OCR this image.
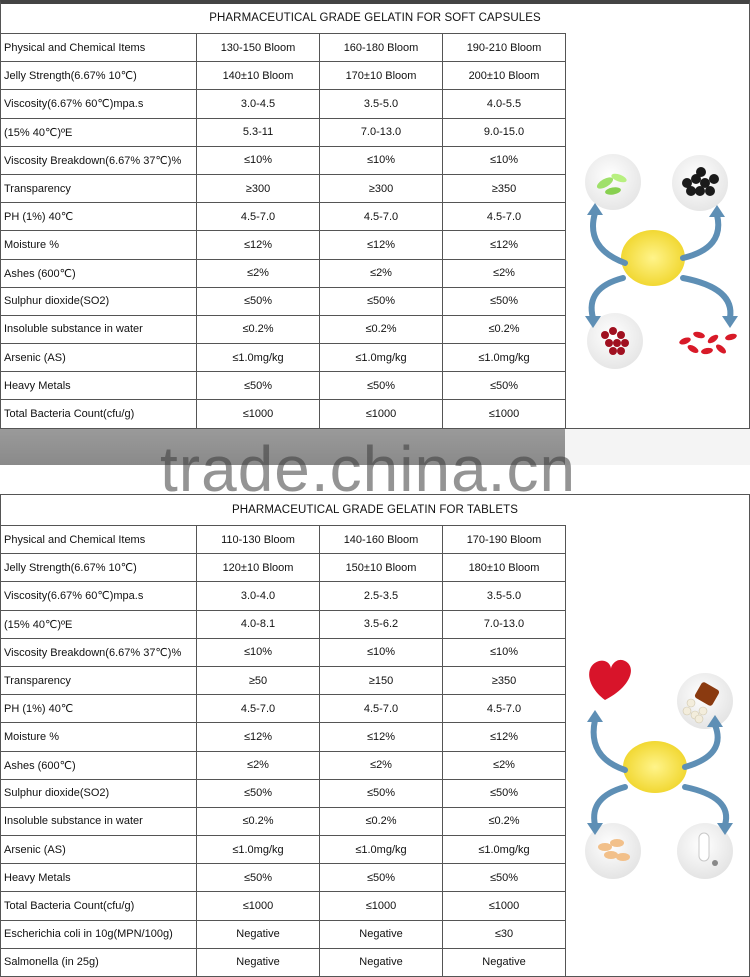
PHARMACEUTICAL GRADE GELATIN FOR SOFT CAPSULES
Physical and Chemical Items	130-150 Bloom	160-180 Bloom	190-210 Bloom
Jelly Strength(6.67% 10℃)	140±10 Bloom	170±10 Bloom	200±10 Bloom
Viscosity(6.67% 60℃)mpa.s	3.0-4.5	3.5-5.0	4.0-5.5
(15% 40℃)ºE	5.3-11	7.0-13.0	9.0-15.0
Viscosity Breakdown(6.67% 37℃)%	≤10%	≤10%	≤10%
Transparency	≥300	≥300	≥350
PH (1%) 40℃	4.5-7.0	4.5-7.0	4.5-7.0
Moisture %	≤12%	≤12%	≤12%
Ashes (600℃)	≤2%	≤2%	≤2%
Sulphur dioxide(SO2)	≤50%	≤50%	≤50%
Insoluble substance in water	≤0.2%	≤0.2%	≤0.2%
Arsenic (AS)	≤1.0mg/kg	≤1.0mg/kg	≤1.0mg/kg
Heavy Metals	≤50%	≤50%	≤50%
Total Bacteria Count(cfu/g)	≤1000	≤1000	≤1000
trade.china.cn
PHARMACEUTICAL GRADE GELATIN FOR TABLETS
Physical and Chemical Items	110-130 Bloom	140-160 Bloom	170-190 Bloom
Jelly Strength(6.67% 10℃)	120±10 Bloom	150±10 Bloom	180±10 Bloom
Viscosity(6.67% 60℃)mpa.s	3.0-4.0	2.5-3.5	3.5-5.0
(15% 40℃)ºE	4.0-8.1	3.5-6.2	7.0-13.0
Viscosity Breakdown(6.67% 37℃)%	≤10%	≤10%	≤10%
Transparency	≥50	≥150	≥350
PH (1%) 40℃	4.5-7.0	4.5-7.0	4.5-7.0
Moisture %	≤12%	≤12%	≤12%
Ashes (600℃)	≤2%	≤2%	≤2%
Sulphur dioxide(SO2)	≤50%	≤50%	≤50%
Insoluble substance in water	≤0.2%	≤0.2%	≤0.2%
Arsenic (AS)	≤1.0mg/kg	≤1.0mg/kg	≤1.0mg/kg
Heavy Metals	≤50%	≤50%	≤50%
Total Bacteria Count(cfu/g)	≤1000	≤1000	≤1000
Escherichia coli in 10g(MPN/100g)	Negative	Negative	≤30
Salmonella (in 25g)	Negative	Negative	Negative
